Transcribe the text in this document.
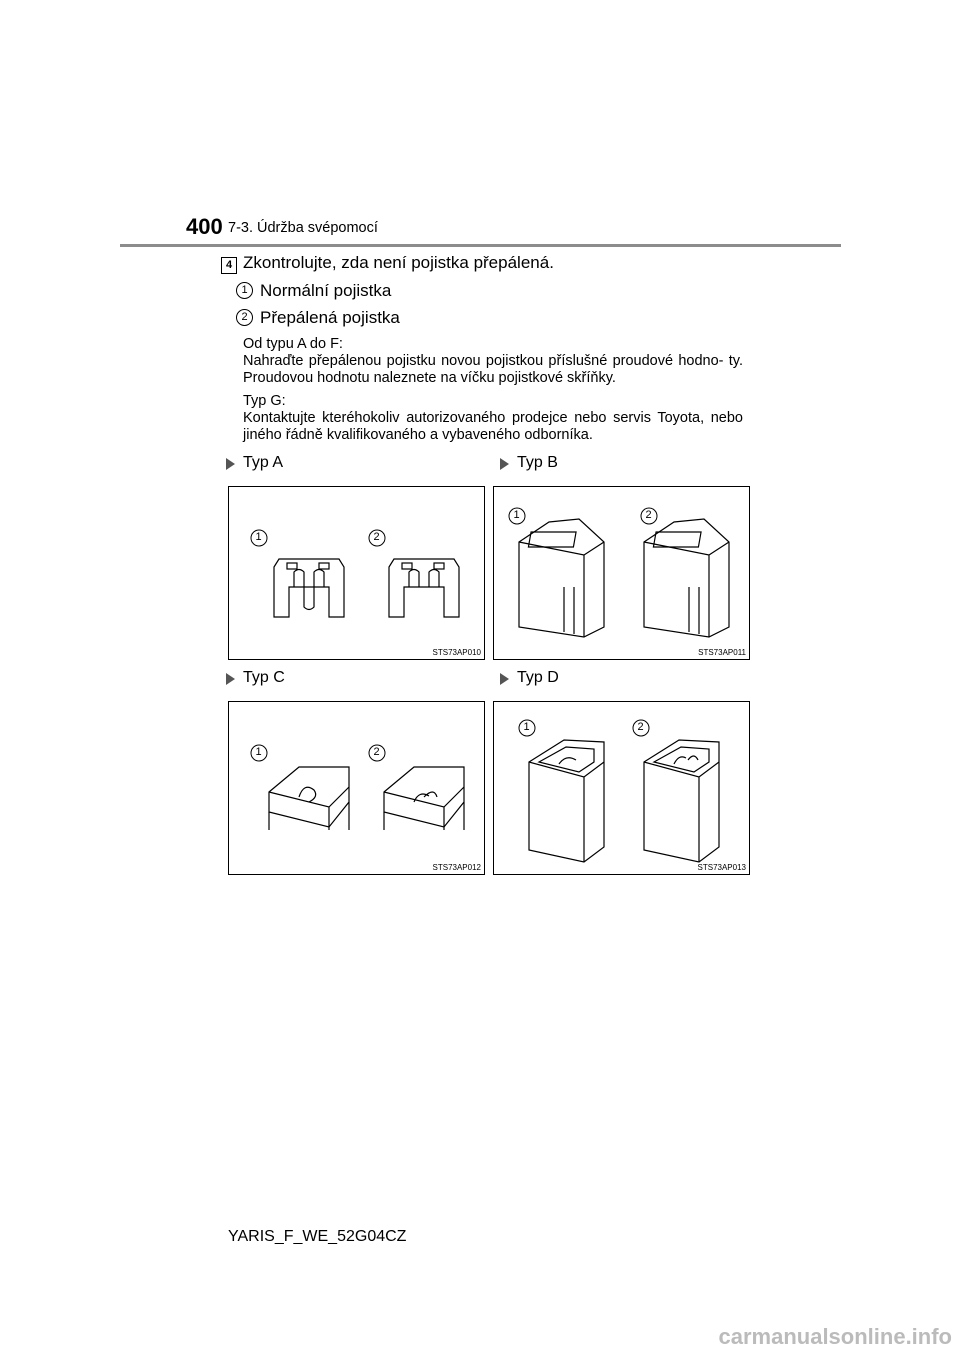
400 7-3. Údržba svépomocí
4 Zkontrolujte, zda není pojistka přepálená.
1 Normální pojistka
2 Přepálená pojistka
Od typu A do F:
Nahraďte přepálenou pojistku novou pojistkou příslušné proudové hodno- ty. Proudovou hodnotu naleznete na víčku pojistkové skříňky.
Typ G:
Kontaktujte kteréhokoliv autorizovaného prodejce nebo servis Toyota, nebo jiného řádně kvalifikovaného a vybaveného odborníka.
Typ A	Typ B
Typ C	Typ D
1	2
STS73AP010
1	2
STS73AP011
1	2
STS73AP012
1	2
STS73AP013
YARIS_F_WE_52G04CZ
carmanualsonline.info
